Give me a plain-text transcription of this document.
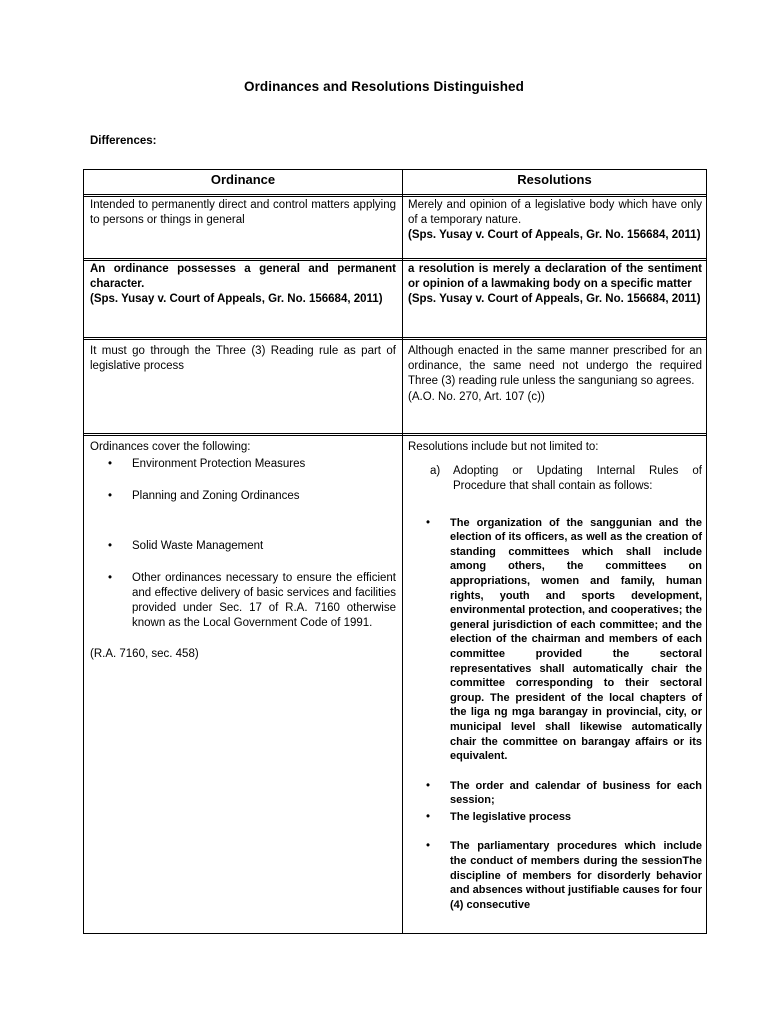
Ordinances and Resolutions Distinguished
Differences:
Ordinance	Resolutions
Intended to permanently direct and control matters applying to persons or things in general
Merely and opinion of a legislative body which have only of a temporary nature.
(Sps. Yusay v. Court of Appeals, Gr. No. 156684, 2011)
An ordinance possesses a general and permanent character.
(Sps. Yusay v. Court of Appeals, Gr. No. 156684, 2011)
a resolution is merely a declaration of the sentiment or opinion of a lawmaking body on a specific matter
(Sps. Yusay v. Court of Appeals, Gr. No. 156684, 2011)
It must go through the Three (3) Reading rule as part of legislative process
Although enacted in the same manner prescribed for an ordinance, the same need not undergo the required Three (3) reading rule unless the sanguniang so agrees.
(A.O. No. 270, Art. 107 (c))
Ordinances cover the following:
• Environment Protection Measures
• Planning and Zoning Ordinances
• Solid Waste Management
• Other ordinances necessary to ensure the efficient and effective delivery of basic services and facilities provided under Sec. 17 of R.A. 7160 otherwise known as the Local Government Code of 1991.
(R.A. 7160, sec. 458)
Resolutions include but not limited to:
a) Adopting or Updating Internal Rules of Procedure that shall contain as follows:
• The organization of the sanggunian and the election of its officers, as well as the creation of standing committees which shall include among others, the committees on appropriations, women and family, human rights, youth and sports development, environmental protection, and cooperatives; the general jurisdiction of each committee; and the election of the chairman and members of each committee provided the sectoral representatives shall automatically chair the committee corresponding to their sectoral group. The president of the local chapters of the liga ng mga barangay in provincial, city, or municipal level shall likewise automatically chair the committee on barangay affairs or its equivalent.
• The order and calendar of business for each session;
• The legislative process
• The parliamentary procedures which include the conduct of members during the sessionThe discipline of members for disorderly behavior and absences without justifiable causes for four (4) consecutive
